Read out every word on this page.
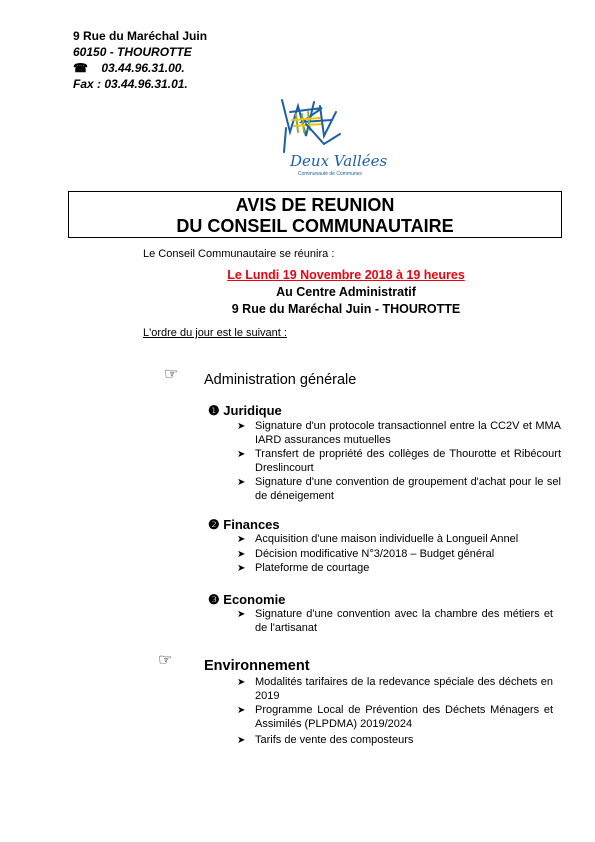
9 Rue du Maréchal Juin
60150 - THOUROTTE
☎ 03.44.96.31.00.
Fax : 03.44.96.31.01.
Deux Vallées
Communauté de Communes
AVIS DE REUNION
DU CONSEIL COMMUNAUTAIRE
Le Conseil Communautaire se réunira :
Le Lundi 19 Novembre 2018 à 19 heures
Au Centre Administratif
9 Rue du Maréchal Juin - THOUROTTE
L'ordre du jour est le suivant :
☞ Administration générale
❶ Juridique
➤ Signature d'un protocole transactionnel entre la CC2V et MMA IARD assurances mutuelles
➤ Transfert de propriété des collèges de Thourotte et Ribécourt Dreslincourt
➤ Signature d'une convention de groupement d'achat pour le sel de déneigement
❷ Finances
➤ Acquisition d'une maison individuelle à Longueil Annel
➤ Décision modificative N°3/2018 – Budget général
➤ Plateforme de courtage
❸ Economie
➤ Signature d'une convention avec la chambre des métiers et de l'artisanat
☞ Environnement
➤ Modalités tarifaires de la redevance spéciale des déchets en 2019
➤ Programme Local de Prévention des Déchets Ménagers et Assimilés (PLPDMA) 2019/2024
➤ Tarifs de vente des composteurs
